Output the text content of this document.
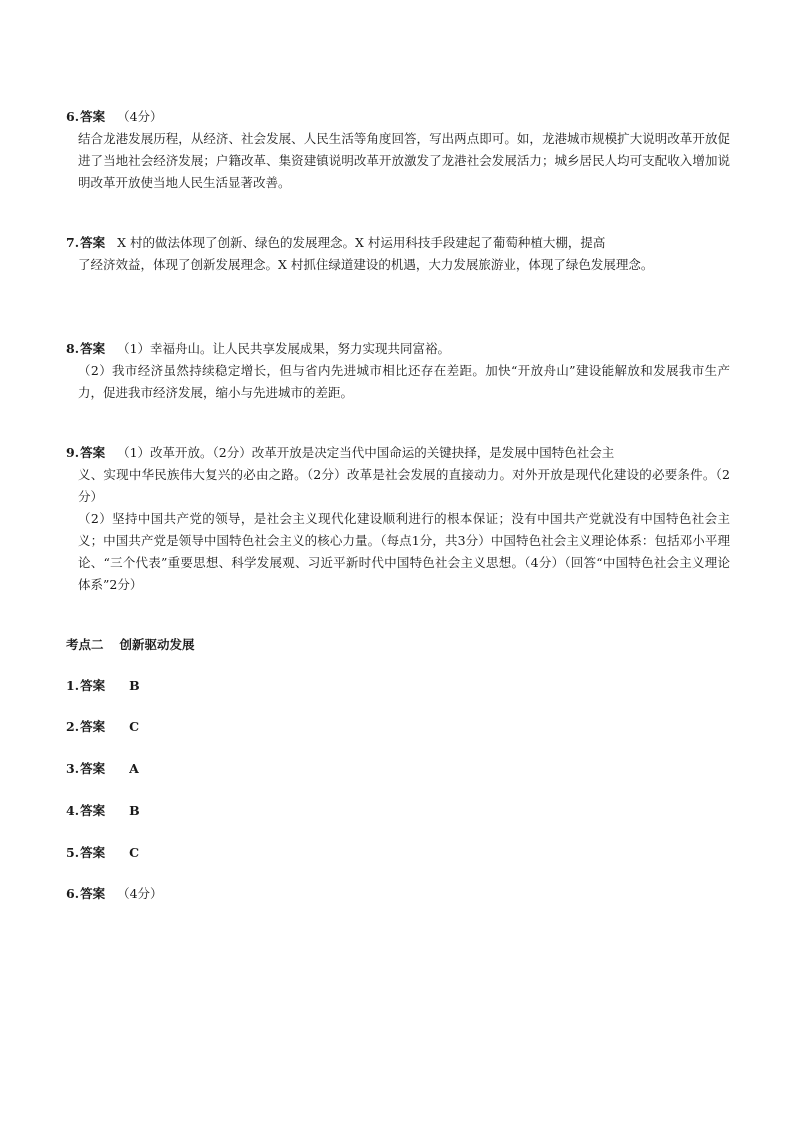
6.答案 （4分）

结合龙港发展历程，从经济、社会发展、人民生活等角度回答，写出两点即可。如，龙港城市规模扩大说明改革开放促进了当地社会经济发展；户籍改革、集资建镇说明改革开放激发了龙港社会发展活力；城乡居民人均可支配收入增加说明改革开放使当地人民生活显著改善。

7.答案 X 村的做法体现了创新、绿色的发展理念。X 村运用科技手段建起了葡萄种植大棚，提高

了经济效益，体现了创新发展理念。X 村抓住绿道建设的机遇，大力发展旅游业，体现了绿色发展理念。

8.答案 （1）幸福舟山。让人民共享发展成果，努力实现共同富裕。

（2）我市经济虽然持续稳定增长，但与省内先进城市相比还存在差距。加快“开放舟山”建设能解放和发展我市生产力，促进我市经济发展，缩小与先进城市的差距。

9.答案 （1）改革开放。（2分）改革开放是决定当代中国命运的关键抉择，是发展中国特色社会主

义、实现中华民族伟大复兴的必由之路。（2分）改革是社会发展的直接动力。对外开放是现代化建设的必要条件。（2分）

（2）坚持中国共产党的领导，是社会主义现代化建设顺利进行的根本保证；没有中国共产党就没有中国特色社会主义；中国共产党是领导中国特色社会主义的核心力量。（每点1分，共3分）中国特色社会主义理论体系：包括邓小平理论、“三个代表”重要思想、科学发展观、习近平新时代中国特色社会主义思想。（4分）（回答“中国特色社会主义理论体系”2分）

考点二 创新驱动发展
1.答案 B
2.答案 C
3.答案 A
4.答案 B
5.答案 C
6.答案 （4分）
